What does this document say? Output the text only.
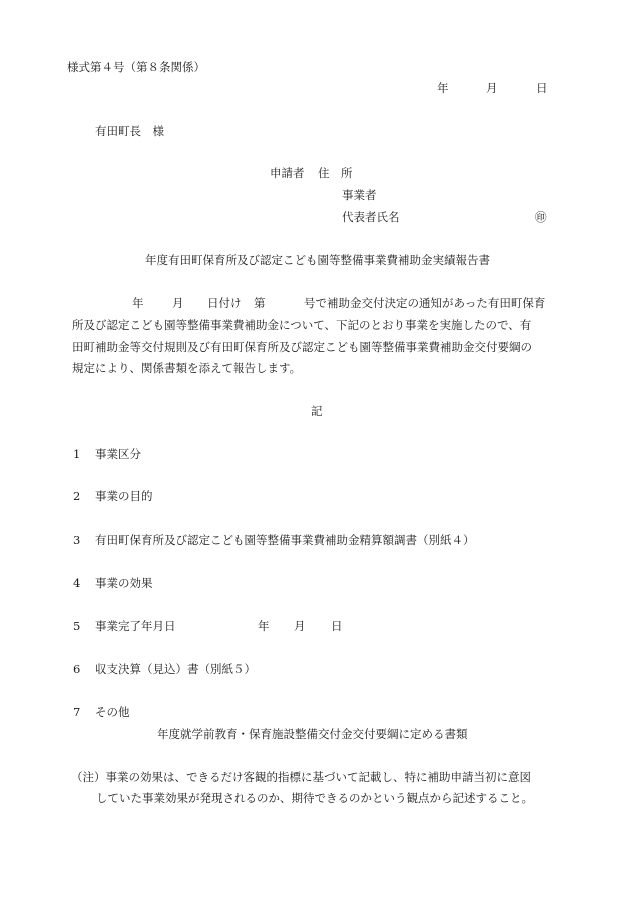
様式第４号（第８条関係）
年	月	日
有田町長　様
申請者 住　所
事業者
代表者氏名	㊞
年度有田町保育所及び認定こども園等整備事業費補助金実績報告書
年 月 日付け 第	号で補助金交付決定の通知があった有田町保育
所及び認定こども園等整備事業費補助金について、下記のとおり事業を実施したので、有
田町補助金等交付規則及び有田町保育所及び認定こども園等整備事業費補助金交付要綱の
規定により、関係書類を添えて報告します。
記
1 事業区分
2 事業の目的
3 有田町保育所及び認定こども園等整備事業費補助金精算額調書（別紙４）
4 事業の効果
5 事業完了年月日	年 月 日
6 収支決算（見込）書（別紙５）
7 その他
年度就学前教育・保育施設整備交付金交付要綱に定める書類
（注）事業の効果は、できるだけ客観的指標に基づいて記載し、特に補助申請当初に意図
していた事業効果が発現されるのか、期待できるのかという観点から記述すること。
